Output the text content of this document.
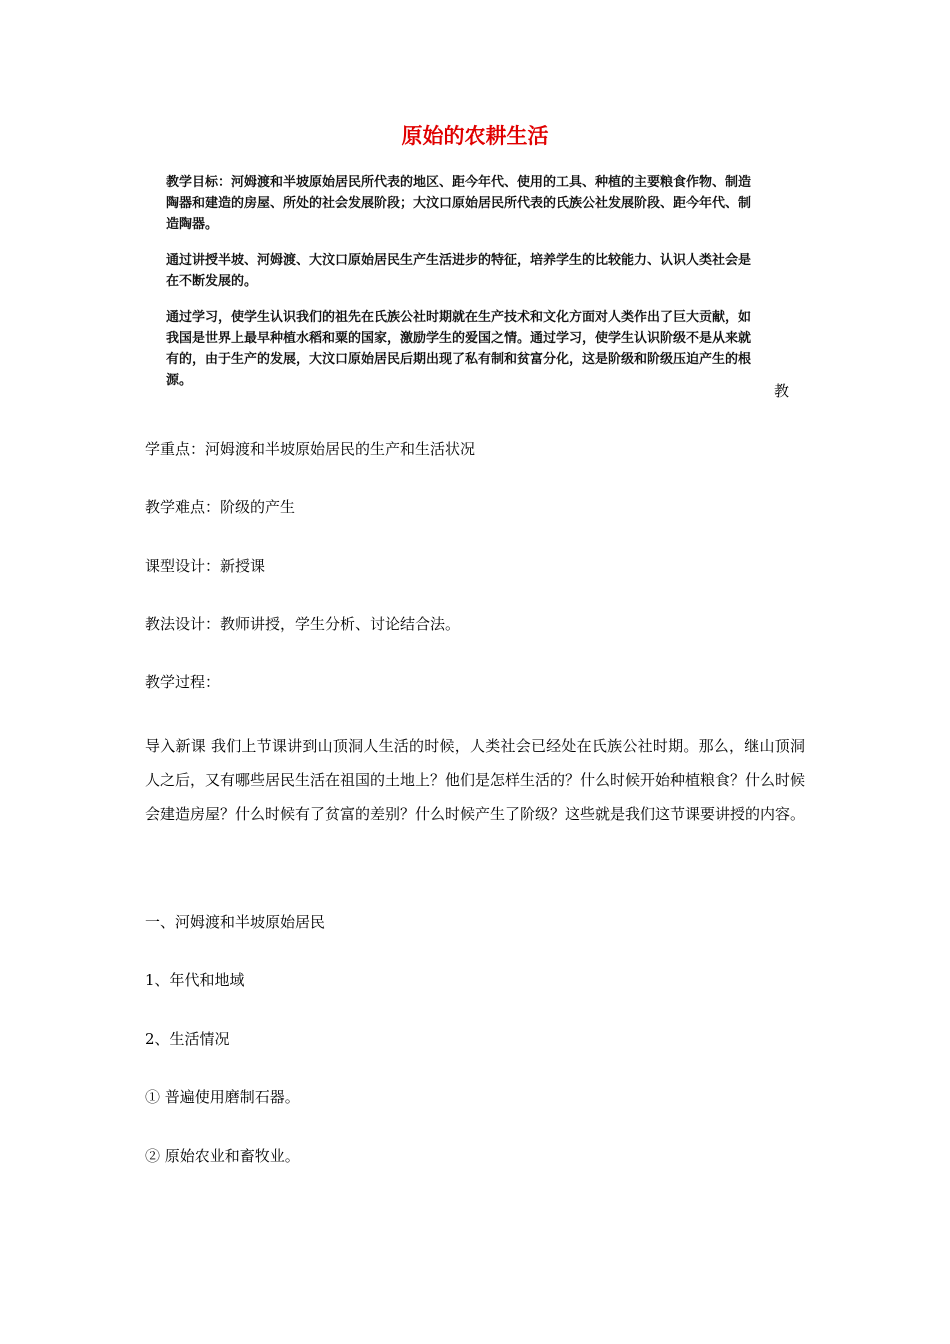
原始的农耕生活

教学目标：河姆渡和半坡原始居民所代表的地区、距今年代、使用的工具、种植的主要粮食作物、制造陶器和建造的房屋、所处的社会发展阶段；大汶口原始居民所代表的氏族公社发展阶段、距今年代、制造陶器。

通过讲授半坡、河姆渡、大汶口原始居民生产生活进步的特征，培养学生的比较能力、认识人类社会是在不断发展的。

通过学习，使学生认识我们的祖先在氏族公社时期就在生产技术和文化方面对人类作出了巨大贡献，如我国是世界上最早种植水稻和粟的国家，激励学生的爱国之情。通过学习，使学生认识阶级不是从来就有的，由于生产的发展，大汶口原始居民后期出现了私有制和贫富分化，这是阶级和阶级压迫产生的根源。

教
学重点：河姆渡和半坡原始居民的生产和生活状况
教学难点：阶级的产生
课型设计：新授课
教法设计：教师讲授，学生分析、讨论结合法。
教学过程：
导入新课 我们上节课讲到山顶洞人生活的时候，人类社会已经处在氏族公社时期。那么，继山顶洞人之后，又有哪些居民生活在祖国的土地上？他们是怎样生活的？什么时候开始种植粮食？什么时候会建造房屋？什么时候有了贫富的差别？什么时候产生了阶级？这些就是我们这节课要讲授的内容。
一、河姆渡和半坡原始居民
1、年代和地域
2、生活情况
① 普遍使用磨制石器。
② 原始农业和畜牧业。
